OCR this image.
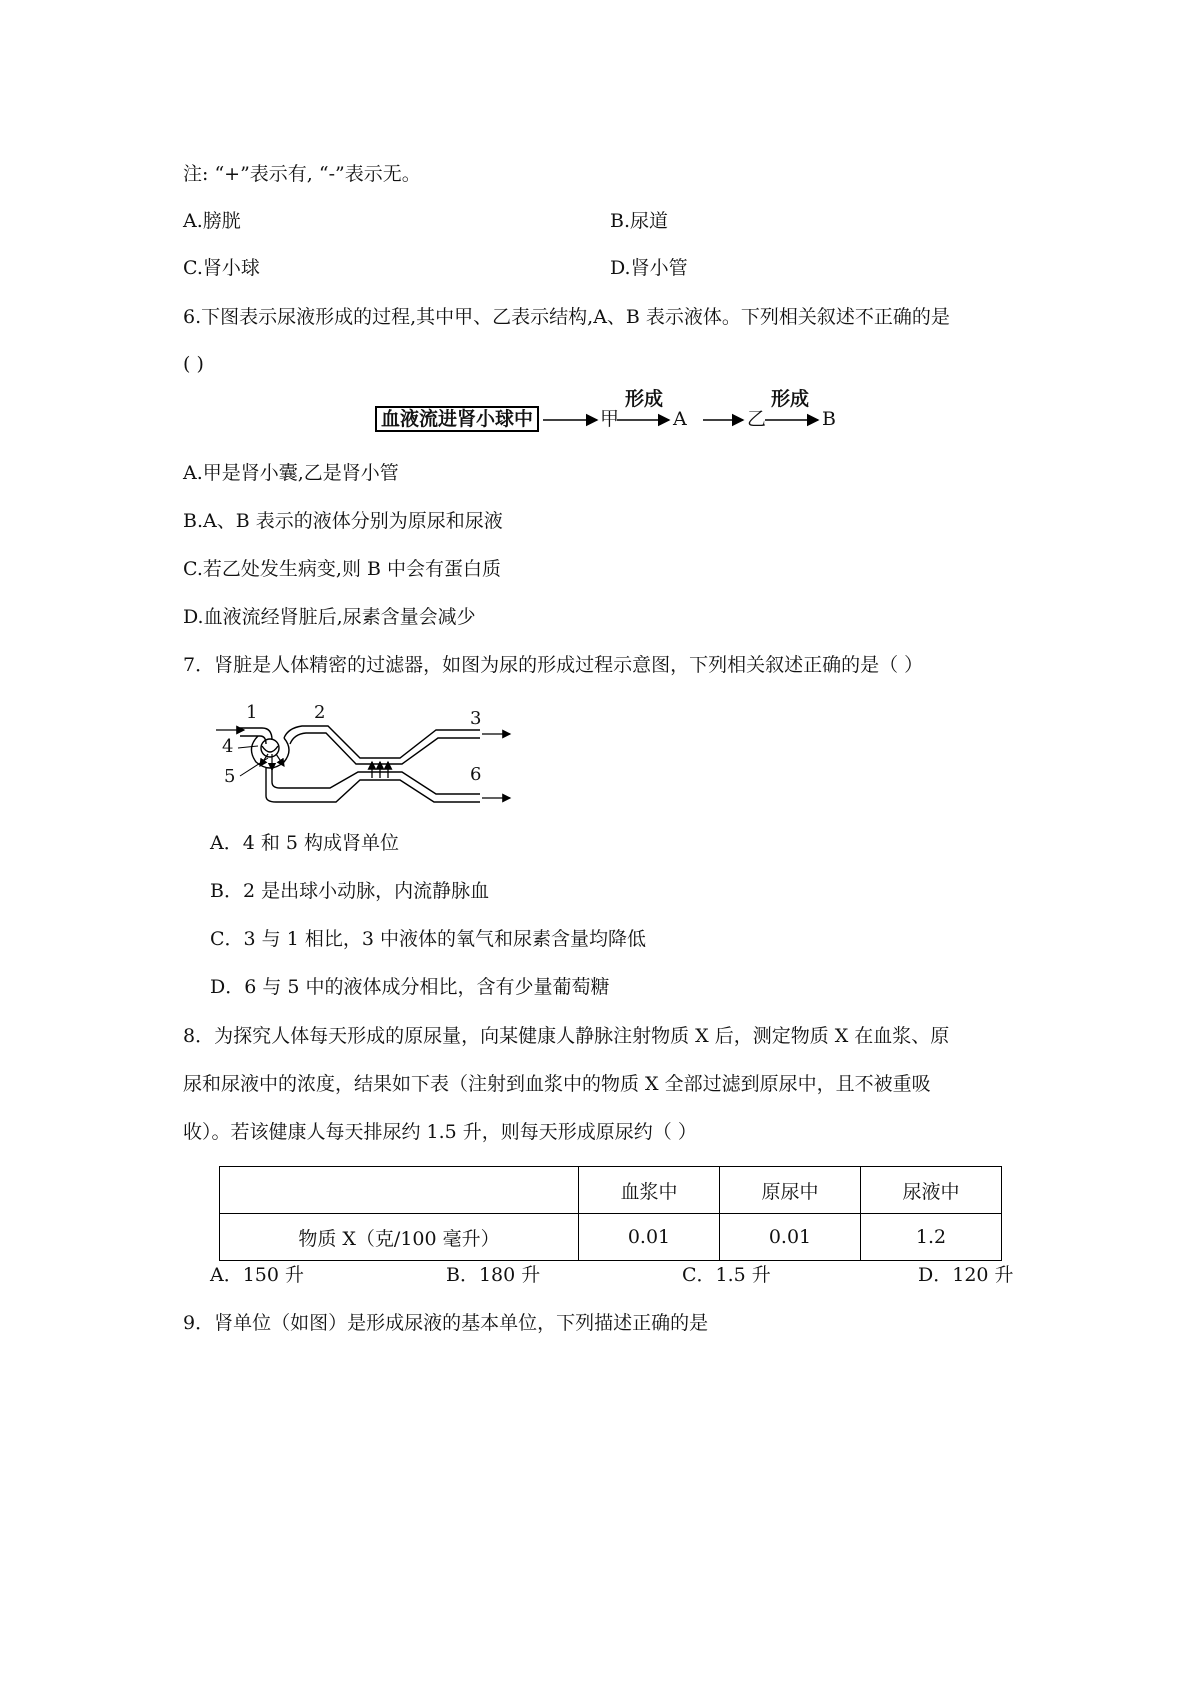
注: “+”表示有, “-”表示无。
A.膀胱	B.尿道
C.肾小球	D.肾小管
6.下图表示尿液形成的过程,其中甲、乙表示结构,A、B 表示液体。下列相关叙述不正确的是
( )
血液流进肾小球中	甲
形成
A	乙
形成
B
A.甲是肾小囊,乙是肾小管
B.A、B 表示的液体分别为原尿和尿液
C.若乙处发生病变,则 B 中会有蛋白质
D.血液流经肾脏后,尿素含量会减少
7．肾脏是人体精密的过滤器，如图为尿的形成过程示意图，下列相关叙述正确的是（ ）
1	2	3
4
5	6
A．4 和 5 构成肾单位
B．2 是出球小动脉，内流静脉血
C．3 与 1 相比，3 中液体的氧气和尿素含量均降低
D．6 与 5 中的液体成分相比，含有少量葡萄糖
8．为探究人体每天形成的原尿量，向某健康人静脉注射物质 X 后，测定物质 X 在血浆、原
尿和尿液中的浓度，结果如下表（注射到血浆中的物质 X 全部过滤到原尿中，且不被重吸
收）。若该健康人每天排尿约 1.5 升，则每天形成原尿约（ ）
	血浆中	原尿中	尿液中
物质 X（克/100 毫升）	0.01	0.01	1.2
A．150 升	B．180 升	C．1.5 升	D．120 升
9．肾单位（如图）是形成尿液的基本单位，下列描述正确的是
